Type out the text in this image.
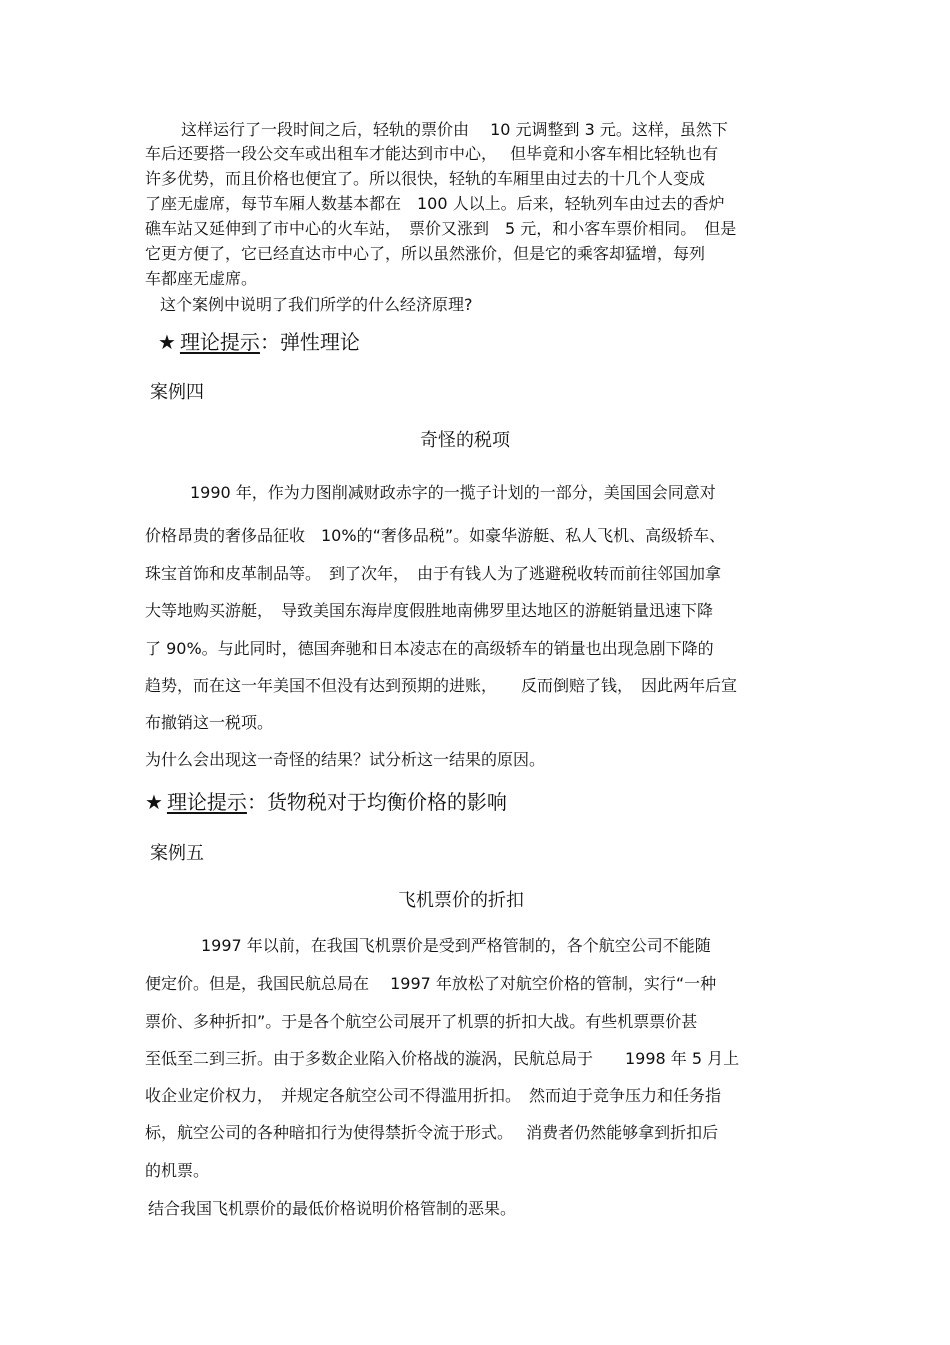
这样运行了一段时间之后，轻轨的票价由　 10 元调整到 3 元。这样，虽然下
车后还要搭一段公交车或出租车才能达到市中心，　 但毕竟和小客车相比轻轨也有
许多优势，而且价格也便宜了。所以很快，轻轨的车厢里由过去的十几个人变成
了座无虚席，每节车厢人数基本都在　100 人以上。后来，轻轨列车由过去的香炉
礁车站又延伸到了市中心的火车站，　票价又涨到　5 元，和小客车票价相同。　但是
它更方便了，它已经直达市中心了，所以虽然涨价，但是它的乘客却猛增，每列
车都座无虚席。
这个案例中说明了我们所学的什么经济原理?
★ 理论提示：弹性理论
案例四
奇怪的税项
1990 年，作为力图削减财政赤字的一揽子计划的一部分，美国国会同意对
价格昂贵的奢侈品征收　10%的“奢侈品税”。如豪华游艇、私人飞机、高级轿车、
珠宝首饰和皮革制品等。　到了次年，　由于有钱人为了逃避税收转而前往邻国加拿
大等地购买游艇，　导致美国东海岸度假胜地南佛罗里达地区的游艇销量迅速下降
了 90%。与此同时，德国奔驰和日本凌志在的高级轿车的销量也出现急剧下降的
趋势，而在这一年美国不但没有达到预期的进账，　　反而倒赔了钱，　因此两年后宣
布撤销这一税项。
为什么会出现这一奇怪的结果？试分析这一结果的原因。
★ 理论提示：货物税对于均衡价格的影响
案例五
飞机票价的折扣
1997 年以前，在我国飞机票价是受到严格管制的，各个航空公司不能随
便定价。但是，我国民航总局在　 1997 年放松了对航空价格的管制，实行“一种
票价、多种折扣”。于是各个航空公司展开了机票的折扣大战。有些机票票价甚
至低至二到三折。由于多数企业陷入价格战的漩涡，民航总局于　　1998 年 5 月上
收企业定价权力，　并规定各航空公司不得滥用折扣。　然而迫于竞争压力和任务指
标，航空公司的各种暗扣行为使得禁折令流于形式。　 消费者仍然能够拿到折扣后
的机票。
结合我国飞机票价的最低价格说明价格管制的恶果。
